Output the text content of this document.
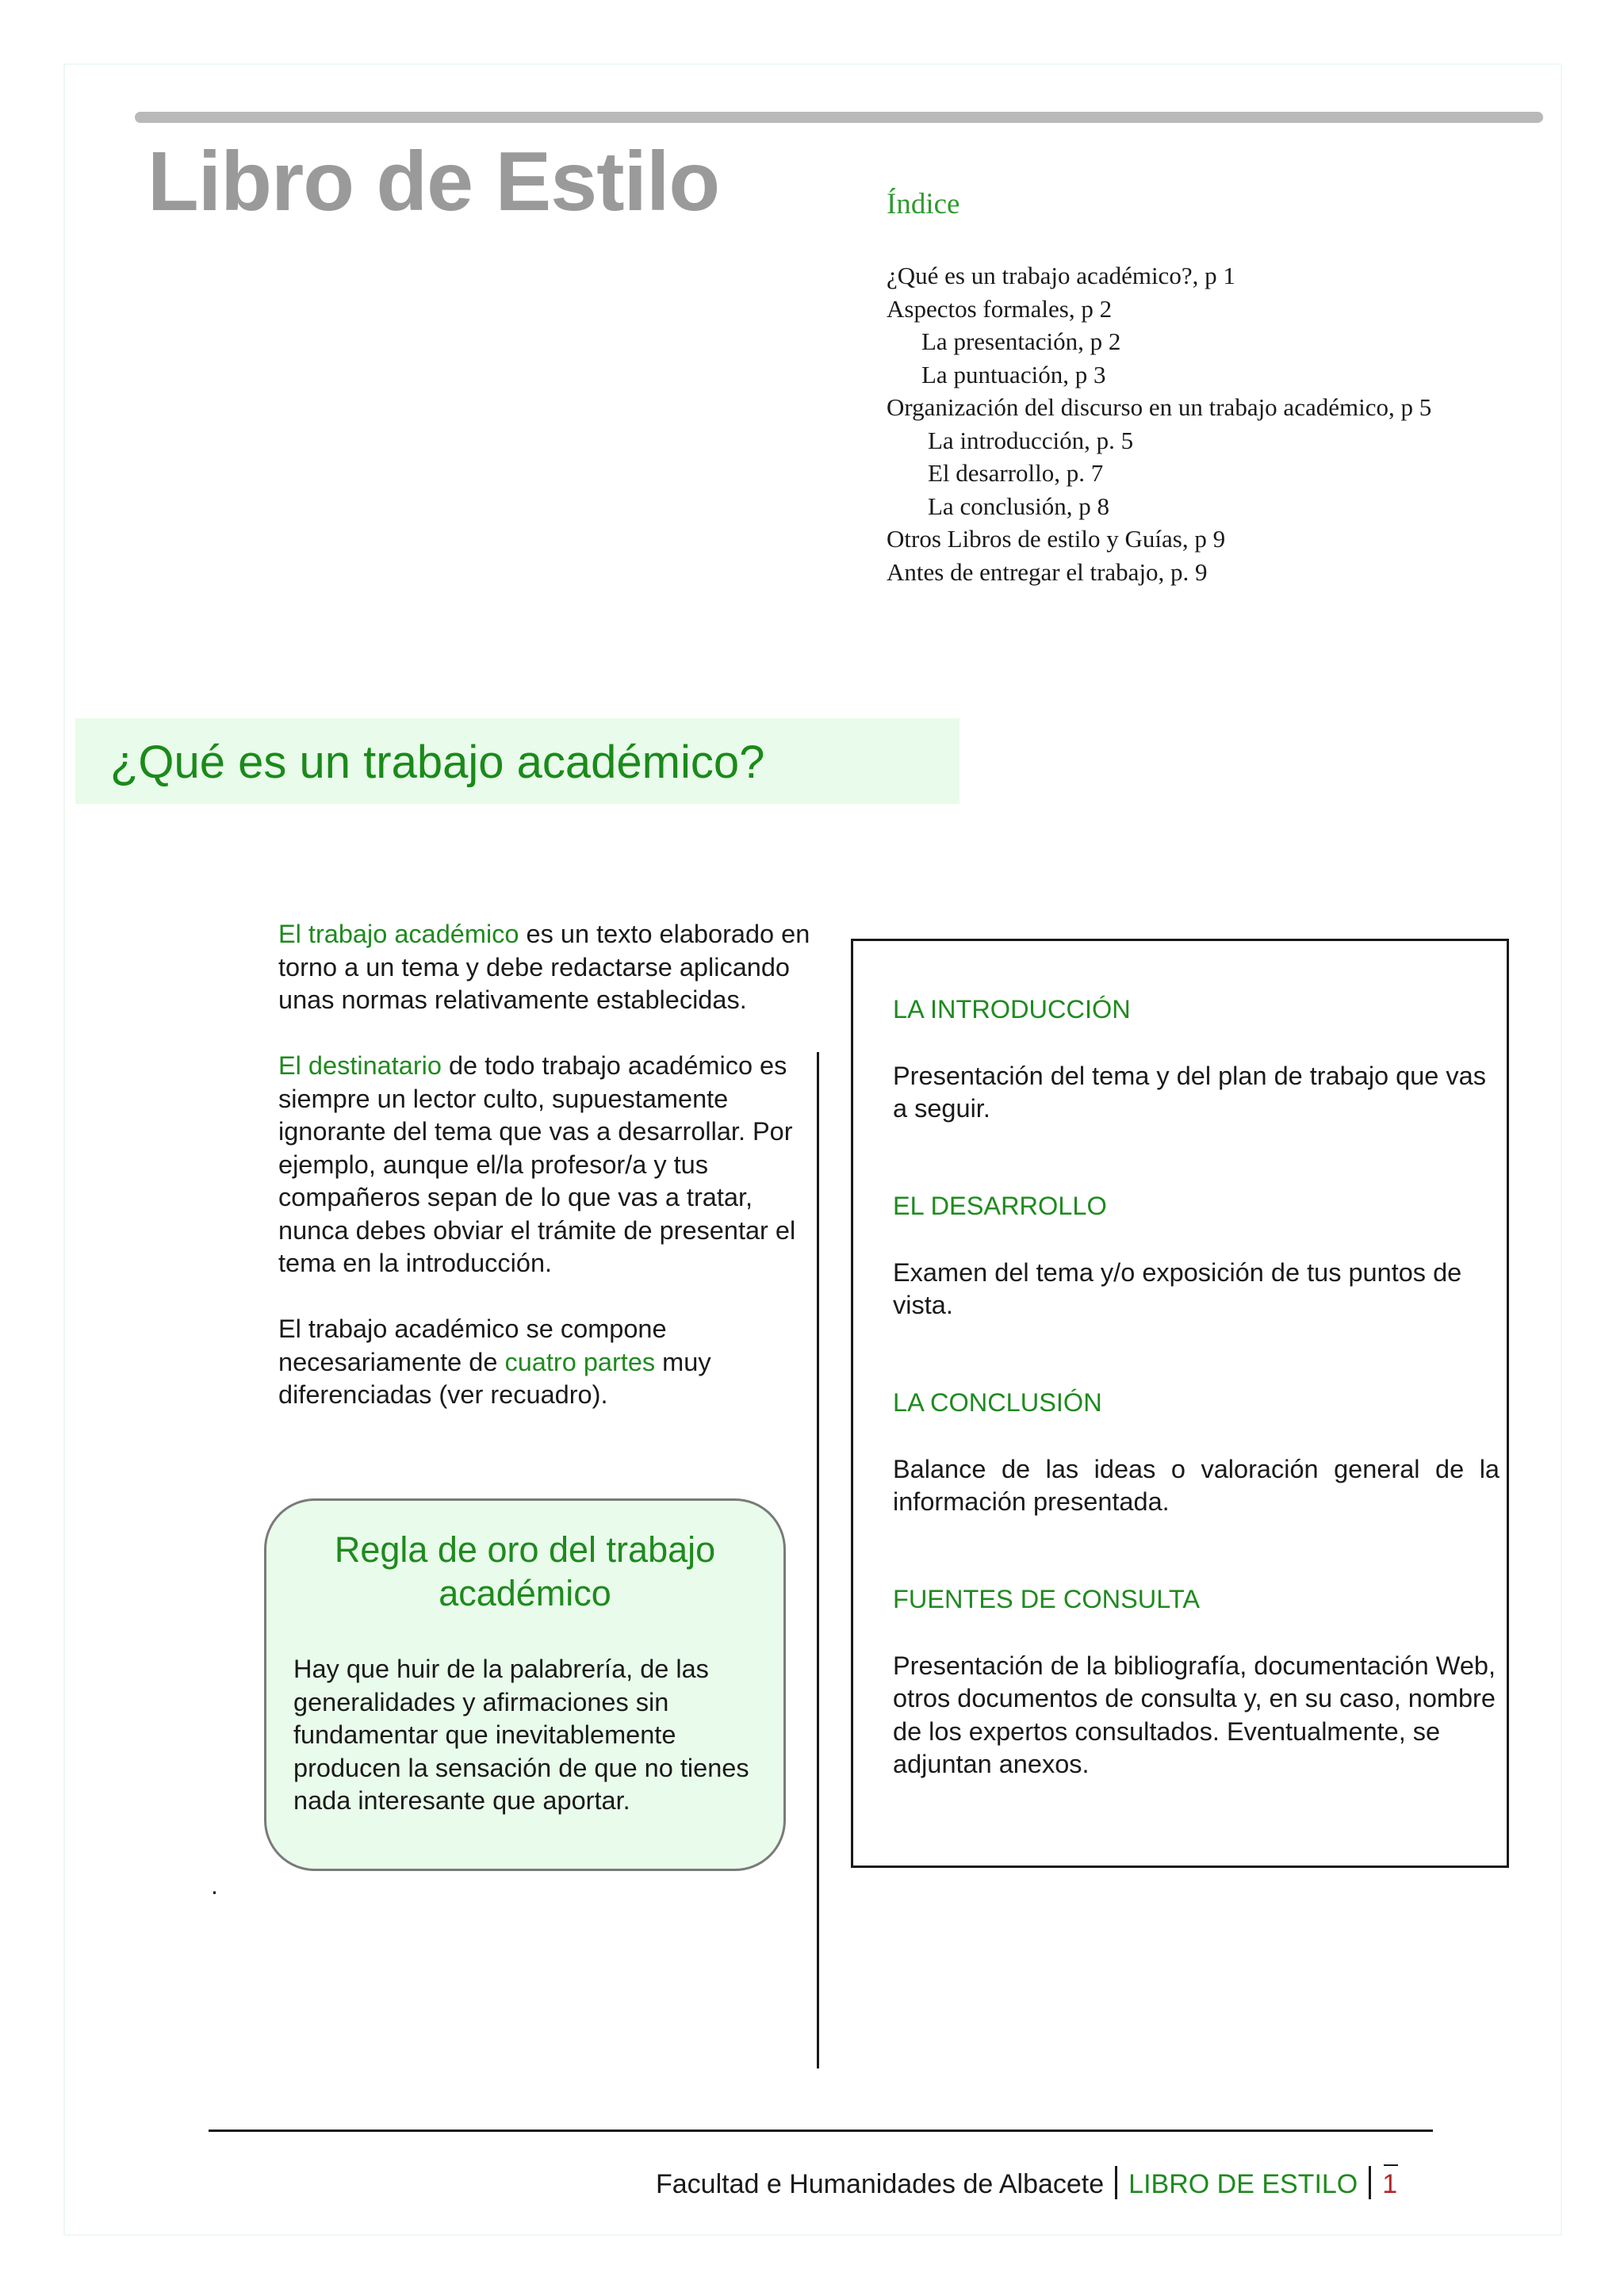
Libro de Estilo	Índice
¿Qué es un trabajo académico?, p 1
Aspectos formales, p 2
La presentación, p 2
La puntuación, p 3
Organización del discurso en un trabajo académico, p 5
La introducción, p. 5
El desarrollo, p. 7
La conclusión, p 8
Otros Libros de estilo y Guías, p 9
Antes de entregar el trabajo, p. 9
¿Qué es un trabajo académico?

El trabajo académico es un texto elaborado en torno a un tema y debe redactarse aplicando unas normas relativamente establecidas.

El destinatario de todo trabajo académico es siempre un lector culto, supuestamente ignorante del tema que vas a desarrollar. Por ejemplo, aunque el/la profesor/a y tus compañeros sepan de lo que vas a tratar, nunca debes obviar el trámite de presentar el tema en la introducción.

El trabajo académico se compone necesariamente de cuatro partes muy diferenciadas (ver recuadro).

Regla de oro del trabajo académico
Hay que huir de la palabrería, de las generalidades y afirmaciones sin fundamentar que inevitablemente producen la sensación de que no tienes nada interesante que aportar.
.
LA INTRODUCCIÓN
Presentación del tema y del plan de trabajo que vas a seguir.
EL DESARROLLO
Examen del tema y/o exposición de tus puntos de vista.
LA CONCLUSIÓN
Balance de las ideas o valoración general de la información presentada.
FUENTES DE CONSULTA
Presentación de la bibliografía, documentación Web, otros documentos de consulta y, en su caso, nombre de los expertos consultados. Eventualmente, se adjuntan anexos.
Facultad e Humanidades de Albacete LIBRO DE ESTILO 1
